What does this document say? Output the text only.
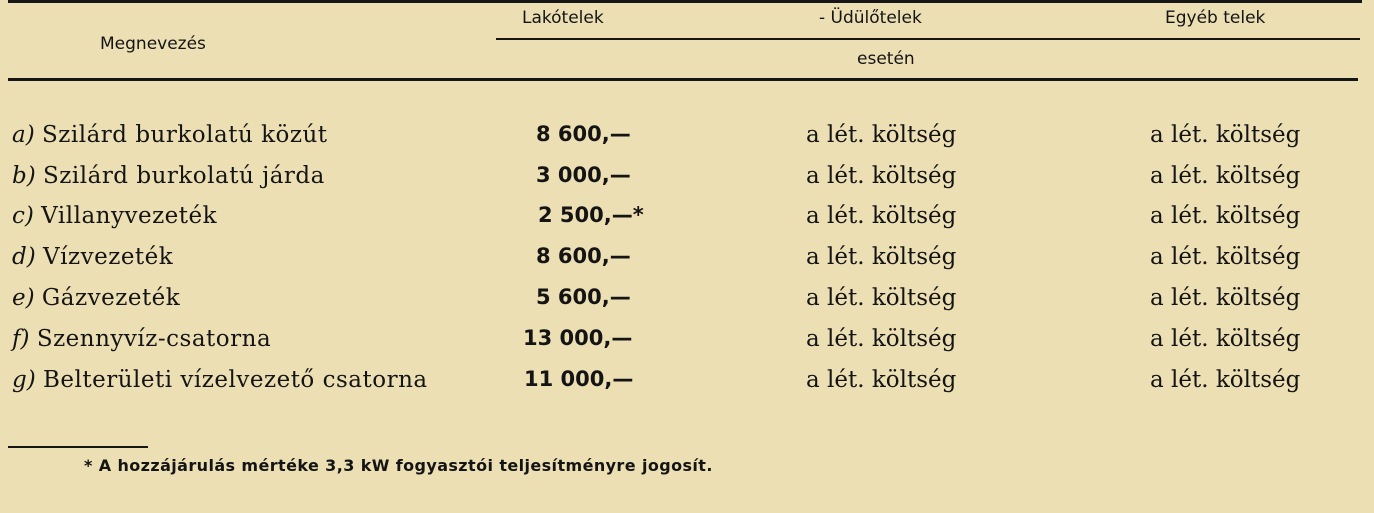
Megnevezés
Lakótelek	- Üdülőtelek	Egyéb telek
esetén
a) Szilárd burkolatú közút	8 600,—	a lét. költség	a lét. költség
b) Szilárd burkolatú járda	3 000,—	a lét. költség	a lét. költség
c) Villanyvezeték	2 500,—*	a lét. költség	a lét. költség
d) Vízvezeték	8 600,—	a lét. költség	a lét. költség
e) Gázvezeték	5 600,—	a lét. költség	a lét. költség
f) Szennyvíz-csatorna	13 000,—	a lét. költség	a lét. költség
g) Belterületi vízelvezető csatorna	11 000,—	a lét. költség	a lét. költség
* A hozzájárulás mértéke 3,3 kW fogyasztói teljesítményre jogosít.
